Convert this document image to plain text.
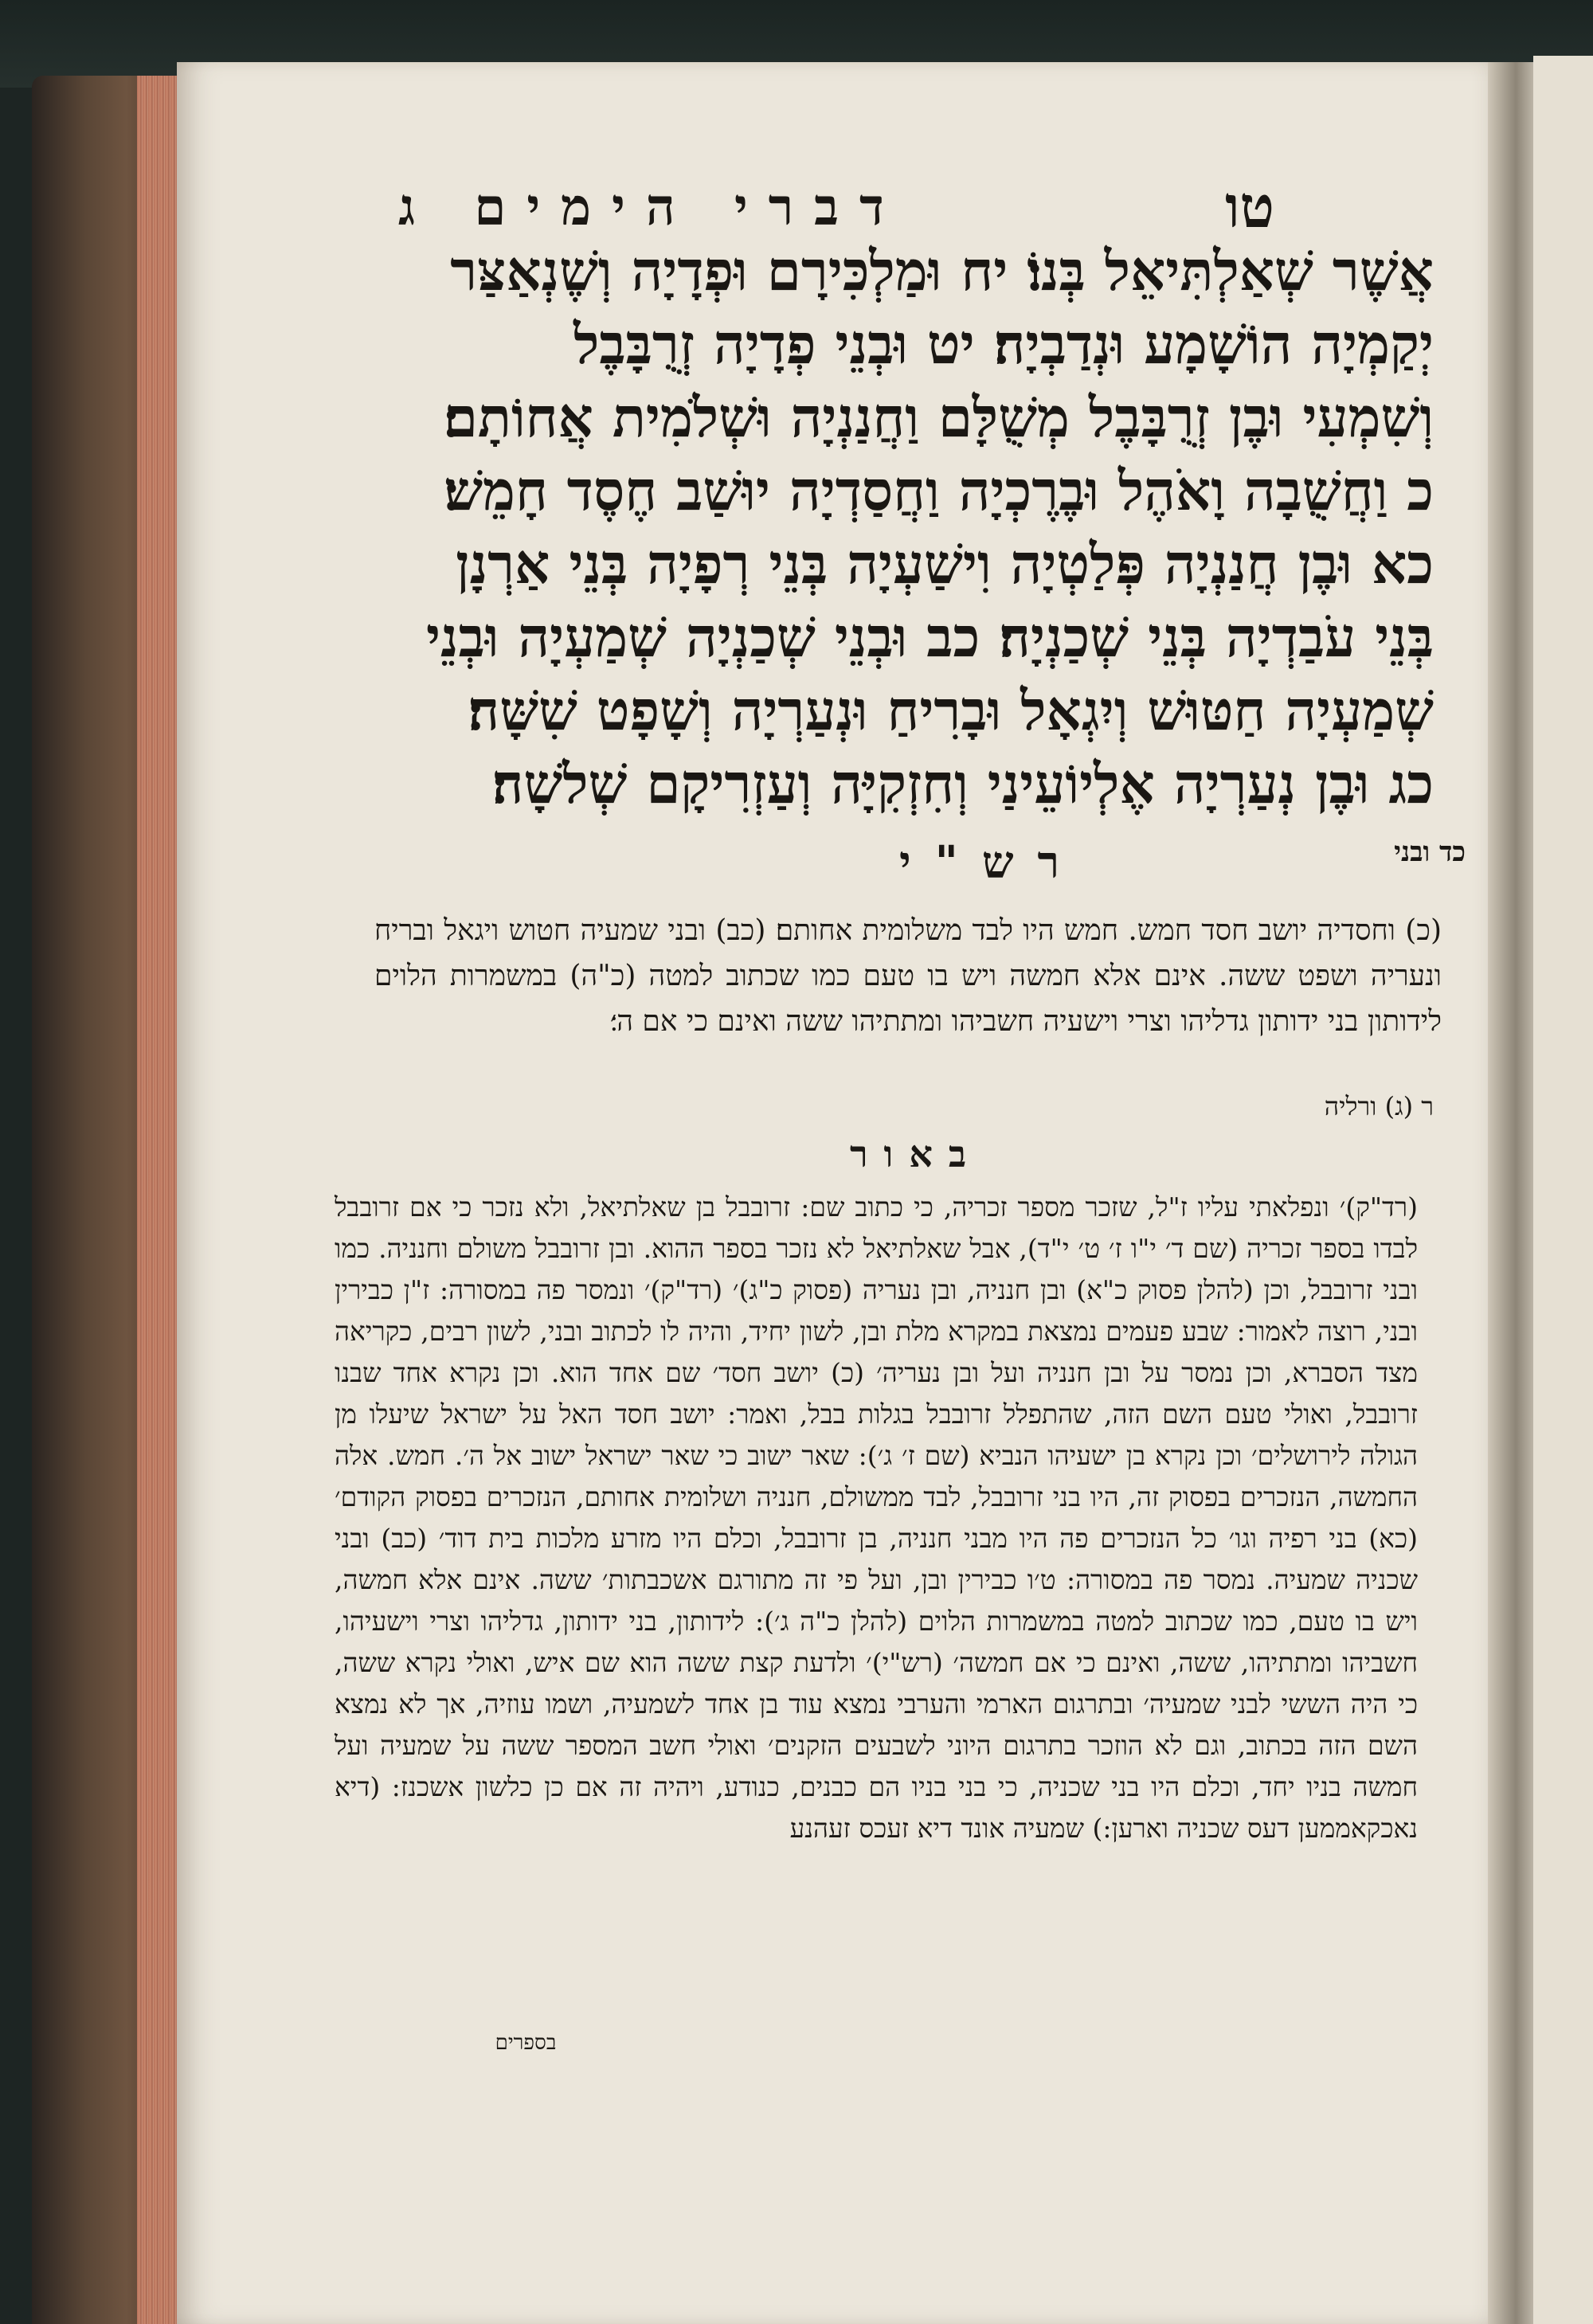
טו
דברי הימים ג
אֲשֶׁר שְׁאַלְתִּיאֵל בְּנוֹ׃ יח וּמַלְכִּירָם וּפְדָיָה וְשֶׁנְאַצַּר
יְקַמְיָה הוֹשָׁמָע וּנְדַבְיָה׃ יט וּבְנֵי פְדָיָה זְרֻבָּבֶל
וְשִׁמְעִי וּבֶן זְרֻבָּבֶל מְשֻׁלָּם וַחֲנַנְיָה וּשְׁלֹמִית אֲחוֹתָם׃
כ וַחֲשֻׁבָה וָאֹהֶל וּבֶרֶכְיָה וַחֲסַדְיָה יוּשַׁב חֶסֶד חָמֵשׁ׃
כא וּבֶן חֲנַנְיָה פְּלַטְיָה וִישַׁעְיָה בְּנֵי רְפָיָה בְּנֵי אַרְנָן
בְּנֵי עֹבַדְיָה בְּנֵי שְׁכַנְיָה׃ כב וּבְנֵי שְׁכַנְיָה שְׁמַעְיָה וּבְנֵי
שְׁמַעְיָה חַטּוּשׁ וְיִגְאָל וּבָרִיחַ וּנְעַרְיָה וְשָׁפָט שִׁשָּׁה׃
כג וּבֶן נְעַרְיָה אֶלְיוֹעֵינַי וְחִזְקִיָּה וְעַזְרִיקָם שְׁלשָׁה׃
רש"י	כד ובני
(כ) וחסדיה יושב חסד חמש. חמש היו לבד משלומית אחותם׃ (כב) ובני שמעיה חטוש ויגאל ובריח ונעריה ושפט ששה. אינם אלא חמשה ויש בו טעם כמו שכתוב למטה (כ"ה) במשמרות הלוים לידותון בני ידותון גדליהו וצרי וישעיה חשביהו ומתתיהו ששה ואינם כי אם ה׳׃
ר (ג) ורליה
באור
(רד"ק)׳ ונפלאתי עליו ז"ל, שזכר מספר זכריה, כי כתוב שם: זרובבל בן שאלתיאל, ולא נזכר כי אם זרובבל לבדו בספר זכריה (שם ד׳ י"ו ז׳ ט׳ י"ד), אבל שאלתיאל לא נזכר בספר ההוא. ובן זרובבל משולם וחנניה. כמו ובני זרובבל, וכן (להלן פסוק כ"א) ובן חנניה, ובן נעריה (פסוק כ"ג)׳ (רד"ק)׳ ונמסר פה במסורה: ז"ן כבירין ובני, רוצה לאמור: שבע פעמים נמצאת במקרא מלת ובן, לשון יחיד, והיה לו לכתוב ובני, לשון רבים, כקריאה מצד הסברא, וכן נמסר על ובן חנניה ועל ובן נעריה׳ (כ) יושב חסד׳ שם אחד הוא. וכן נקרא אחד שבנו זרובבל, ואולי טעם השם הזה, שהתפלל זרובבל בגלות בבל, ואמר: יושב חסד האל על ישראל שיעלו מן הגולה לירושלים׳ וכן נקרא בן ישעיהו הנביא (שם ז׳ ג׳): שאר ישוב כי שאר ישראל ישוב אל ה׳. חמש. אלה החמשה, הנזכרים בפסוק זה, היו בני זרובבל, לבד ממשולם, חנניה ושלומית אחותם, הנזכרים בפסוק הקודם׳ (כא) בני רפיה וגו׳ כל הנזכרים פה היו מבני חנניה, בן זרובבל, וכלם היו מזרע מלכות בית דוד׳ (כב) ובני שכניה שמעיה. נמסר פה במסורה: ט׳ו כבירין ובן, ועל פי זה מתורגם אשכבתות׳ ששה. אינם אלא חמשה, ויש בו טעם, כמו שכתוב למטה במשמרות הלוים (להלן כ"ה ג׳): לידותון, בני ידותון, גדליהו וצרי וישעיהו, חשביהו ומתתיהו, ששה, ואינם כי אם חמשה׳ (רש"י)׳ ולדעת קצת ששה הוא שם איש, ואולי נקרא ששה, כי היה הששי לבני שמעיה׳ ובתרגום הארמי והערבי נמצא עוד בן אחד לשמעיה, ושמו עוזיה, אך לא נמצא השם הזה בכתוב, וגם לא הוזכר בתרגום היוני לשבעים הזקנים׳ ואולי חשב המספר ששה על שמעיה ועל חמשה בניו יחד, וכלם היו בני שכניה, כי בני בניו הם כבנים, כנודע, ויהיה זה אם כן כלשון אשכנז: (דיא נאכקאממען דעס שכניה וארען:) שמעיה אונד דיא זעכס זעהנע
בספרים
